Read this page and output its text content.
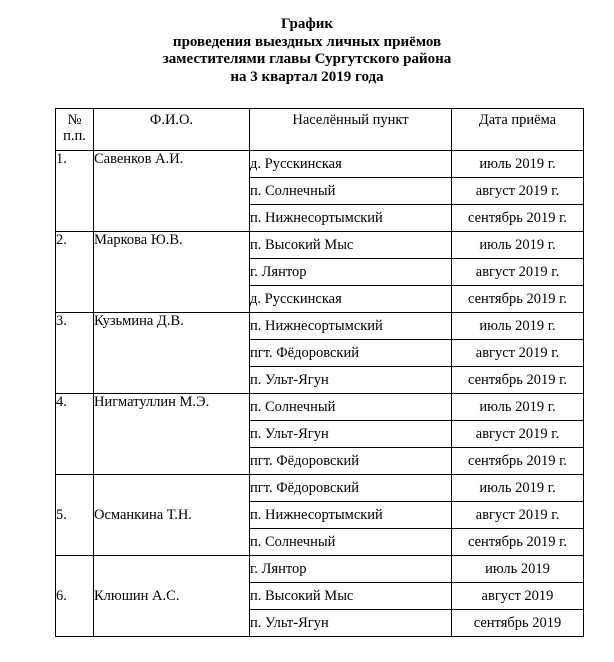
График
проведения выездных личных приёмов
заместителями главы Сургутского района
на 3 квартал 2019 года
№
п.п.	Ф.И.О.	Населённый пункт	Дата приёма
1.	Савенков А.И.	д. Русскинская	июль 2019 г.
		п. Солнечный	август 2019 г.
		п. Нижнесортымский	сентябрь 2019 г.
2.	Маркова Ю.В.	п. Высокий Мыс	июль 2019 г.
		г. Лянтор	август 2019 г.
		д. Русскинская	сентябрь 2019 г.
3.	Кузьмина Д.В.	п. Нижнесортымский	июль 2019 г.
		пгт. Фёдоровский	август 2019 г.
		п. Ульт-Ягун	сентябрь 2019 г.
4.	Нигматуллин М.Э.	п. Солнечный	июль 2019 г.
		п. Ульт-Ягун	август 2019 г.
		пгт. Фёдоровский	сентябрь 2019 г.
5.	Османкина Т.Н.	пгт. Фёдоровский	июль 2019 г.
		п. Нижнесортымский	август 2019 г.
		п. Солнечный	сентябрь 2019 г.
6.	Клюшин А.С.	г. Лянтор	июль 2019
		п. Высокий Мыс	август 2019
		п. Ульт-Ягун	сентябрь 2019
